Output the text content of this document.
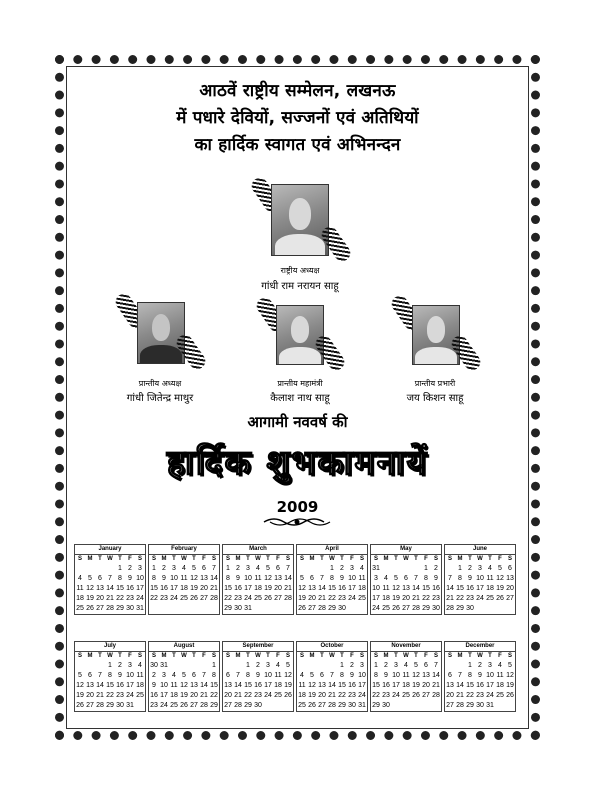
आठवें राष्ट्रीय सम्मेलन, लखनऊ
में पधारे देवियों, सज्जनों एवं अतिथियों
का हार्दिक स्वागत एवं अभिनन्दन
राष्ट्रीय अध्यक्ष
गांधी राम नरायन साहू
प्रान्तीय अध्यक्ष
गांधी जितेन्द्र माथुर
प्रान्तीय महामंत्री
कैलाश नाथ साहू
प्रान्तीय प्रभारी
जय किशन साहू
आगामी नववर्ष की
हार्दिक शुभकामनायें
2009
January
S	M	T	W	T	F	S
				1	2	3
4	5	6	7	8	9	10
11	12	13	14	15	16	17
18	19	20	21	22	23	24
25	26	27	28	29	30	31
February
S	M	T	W	T	F	S
1	2	3	4	5	6	7
8	9	10	11	12	13	14
15	16	17	18	19	20	21
22	23	24	25	26	27	28

March
S	M	T	W	T	F	S
1	2	3	4	5	6	7
8	9	10	11	12	13	14
15	16	17	18	19	20	21
22	23	24	25	26	27	28
29	30	31				
April
S	M	T	W	T	F	S
			1	2	3	4
5	6	7	8	9	10	11
12	13	14	15	16	17	18
19	20	21	22	23	24	25
26	27	28	29	30		
May
S	M	T	W	T	F	S
31					1	2
3	4	5	6	7	8	9
10	11	12	13	14	15	16
17	18	19	20	21	22	23
24	25	26	27	28	29	30
June
S	M	T	W	T	F	S
	1	2	3	4	5	6
7	8	9	10	11	12	13
14	15	16	17	18	19	20
21	22	23	24	25	26	27
28	29	30				
July
S	M	T	W	T	F	S
			1	2	3	4
5	6	7	8	9	10	11
12	13	14	15	16	17	18
19	20	21	22	23	24	25
26	27	28	29	30	31	
August
S	M	T	W	T	F	S
30	31					1
2	3	4	5	6	7	8
9	10	11	12	13	14	15
16	17	18	19	20	21	22
23	24	25	26	27	28	29
September
S	M	T	W	T	F	S
		1	2	3	4	5
6	7	8	9	10	11	12
13	14	15	16	17	18	19
20	21	22	23	24	25	26
27	28	29	30			
October
S	M	T	W	T	F	S
				1	2	3
4	5	6	7	8	9	10
11	12	13	14	15	16	17
18	19	20	21	22	23	24
25	26	27	28	29	30	31
November
S	M	T	W	T	F	S
1	2	3	4	5	6	7
8	9	10	11	12	13	14
15	16	17	18	19	20	21
22	23	24	25	26	27	28
29	30					
December
S	M	T	W	T	F	S
		1	2	3	4	5
6	7	8	9	10	11	12
13	14	15	16	17	18	19
20	21	22	23	24	25	26
27	28	29	30	31		
